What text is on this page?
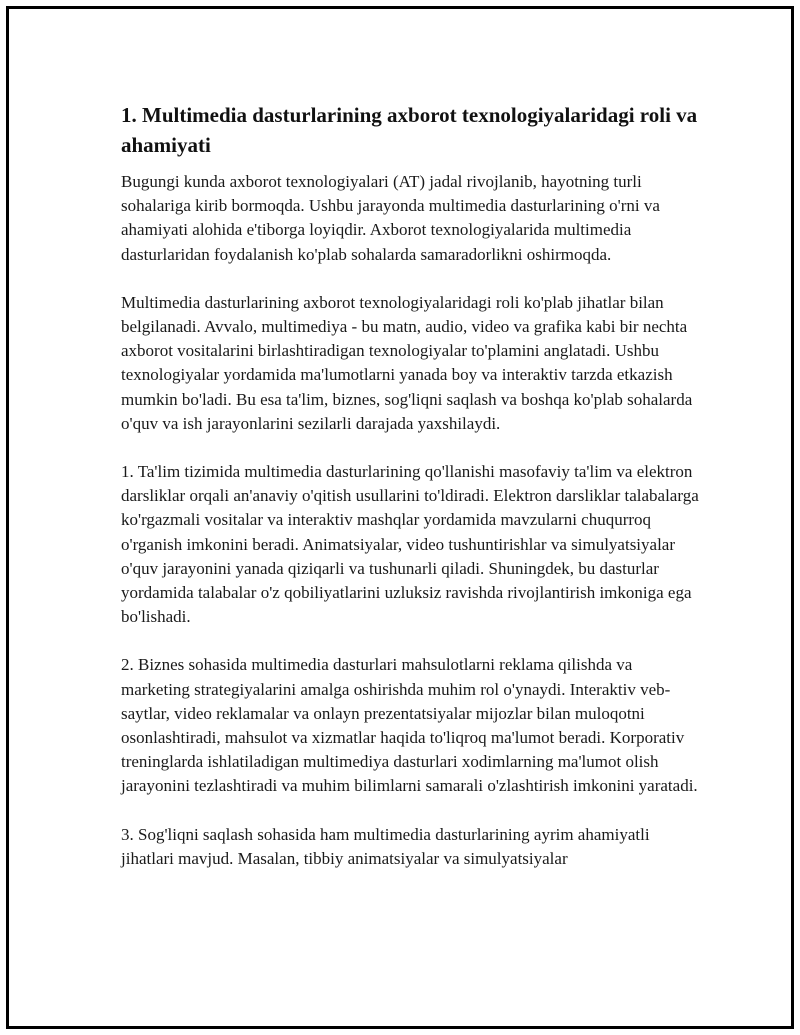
1. Multimedia dasturlarining axborot texnologiyalaridagi roli va ahamiyati

Bugungi kunda axborot texnologiyalari (AT) jadal rivojlanib, hayotning turli sohalariga kirib bormoqda. Ushbu jarayonda multimedia dasturlarining o'rni va ahamiyati alohida e'tiborga loyiqdir. Axborot texnologiyalarida multimedia dasturlaridan foydalanish ko'plab sohalarda samaradorlikni oshirmoqda.

Multimedia dasturlarining axborot texnologiyalaridagi roli ko'plab jihatlar bilan belgilanadi. Avvalo, multimediya - bu matn, audio, video va grafika kabi bir nechta axborot vositalarini birlashtiradigan texnologiyalar to'plamini anglatadi. Ushbu texnologiyalar yordamida ma'lumotlarni yanada boy va interaktiv tarzda etkazish mumkin bo'ladi. Bu esa ta'lim, biznes, sog'liqni saqlash va boshqa ko'plab sohalarda o'quv va ish jarayonlarini sezilarli darajada yaxshilaydi.

1. Ta'lim tizimida multimedia dasturlarining qo'llanishi masofaviy ta'lim va elektron darsliklar orqali an'anaviy o'qitish usullarini to'ldiradi. Elektron darsliklar talabalarga ko'rgazmali vositalar va interaktiv mashqlar yordamida mavzularni chuqurroq o'rganish imkonini beradi. Animatsiyalar, video tushuntirishlar va simulyatsiyalar o'quv jarayonini yanada qiziqarli va tushunarli qiladi. Shuningdek, bu dasturlar yordamida talabalar o'z qobiliyatlarini uzluksiz ravishda rivojlantirish imkoniga ega bo'lishadi.

2. Biznes sohasida multimedia dasturlari mahsulotlarni reklama qilishda va marketing strategiyalarini amalga oshirishda muhim rol o'ynaydi. Interaktiv veb-saytlar, video reklamalar va onlayn prezentatsiyalar mijozlar bilan muloqotni osonlashtiradi, mahsulot va xizmatlar haqida to'liqroq ma'lumot beradi. Korporativ treninglarda ishlatiladigan multimediya dasturlari xodimlarning ma'lumot olish jarayonini tezlashtiradi va muhim bilimlarni samarali o'zlashtirish imkonini yaratadi.

3. Sog'liqni saqlash sohasida ham multimedia dasturlarining ayrim ahamiyatli jihatlari mavjud. Masalan, tibbiy animatsiyalar va simulyatsiyalar
